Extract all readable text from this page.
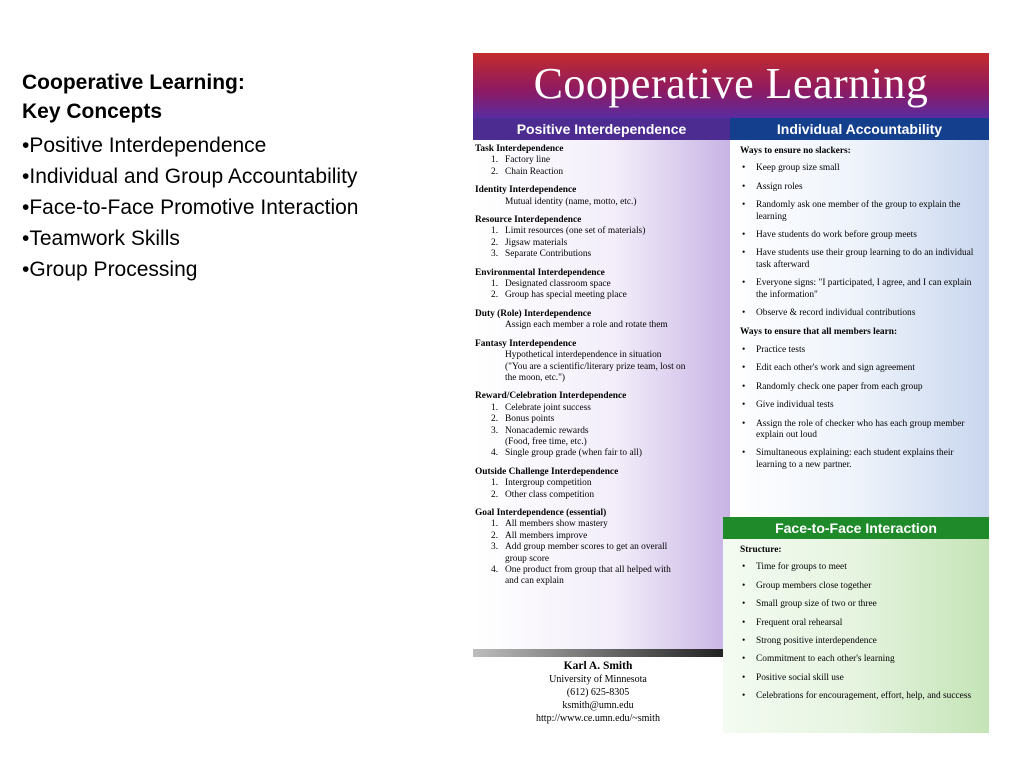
Cooperative Learning:
Key Concepts
• Positive Interdependence
• Individual and Group Accountability
• Face-to-Face Promotive Interaction
• Teamwork Skills
• Group Processing
Cooperative Learning
Positive Interdependence	Individual Accountability
Task Interdependence
1. Factory line
2. Chain Reaction
Identity Interdependence
Mutual identity (name, motto, etc.)
Resource Interdependence
1. Limit resources (one set of materials)
2. Jigsaw materials
3. Separate Contributions
Environmental Interdependence
1. Designated classroom space
2. Group has special meeting place
Duty (Role) Interdependence
Assign each member a role and rotate them
Fantasy Interdependence
Hypothetical interdependence in situation
("You are a scientific/literary prize team, lost on
the moon, etc.")
Reward/Celebration Interdependence
1. Celebrate joint success
2. Bonus points
3. Nonacademic rewards
(Food, free time, etc.)
4. Single group grade (when fair to all)
Outside Challenge Interdependence
1. Intergroup competition
2. Other class competition
Goal Interdependence (essential)
1. All members show mastery
2. All members improve
3. Add group member scores to get an overall
group score
4. One product from group that all helped with
and can explain
Ways to ensure no slackers:
• Keep group size small
• Assign roles
• Randomly ask one member of the group to explain the learning
• Have students do work before group meets
• Have students use their group learning to do an individual task afterward
• Everyone signs: "I participated, I agree, and I can explain the information"
• Observe & record individual contributions
Ways to ensure that all members learn:
• Practice tests
• Edit each other's work and sign agreement
• Randomly check one paper from each group
• Give individual tests
• Assign the role of checker who has each group member explain out loud
• Simultaneous explaining: each student explains their learning to a new partner.
Face-to-Face Interaction
Structure:
• Time for groups to meet
• Group members close together
• Small group size of two or three
• Frequent oral rehearsal
• Strong positive interdependence
• Commitment to each other's learning
• Positive social skill use
• Celebrations for encouragement, effort, help, and success
Karl A. Smith
University of Minnesota
(612) 625-8305
ksmith@umn.edu
http://www.ce.umn.edu/~smith
